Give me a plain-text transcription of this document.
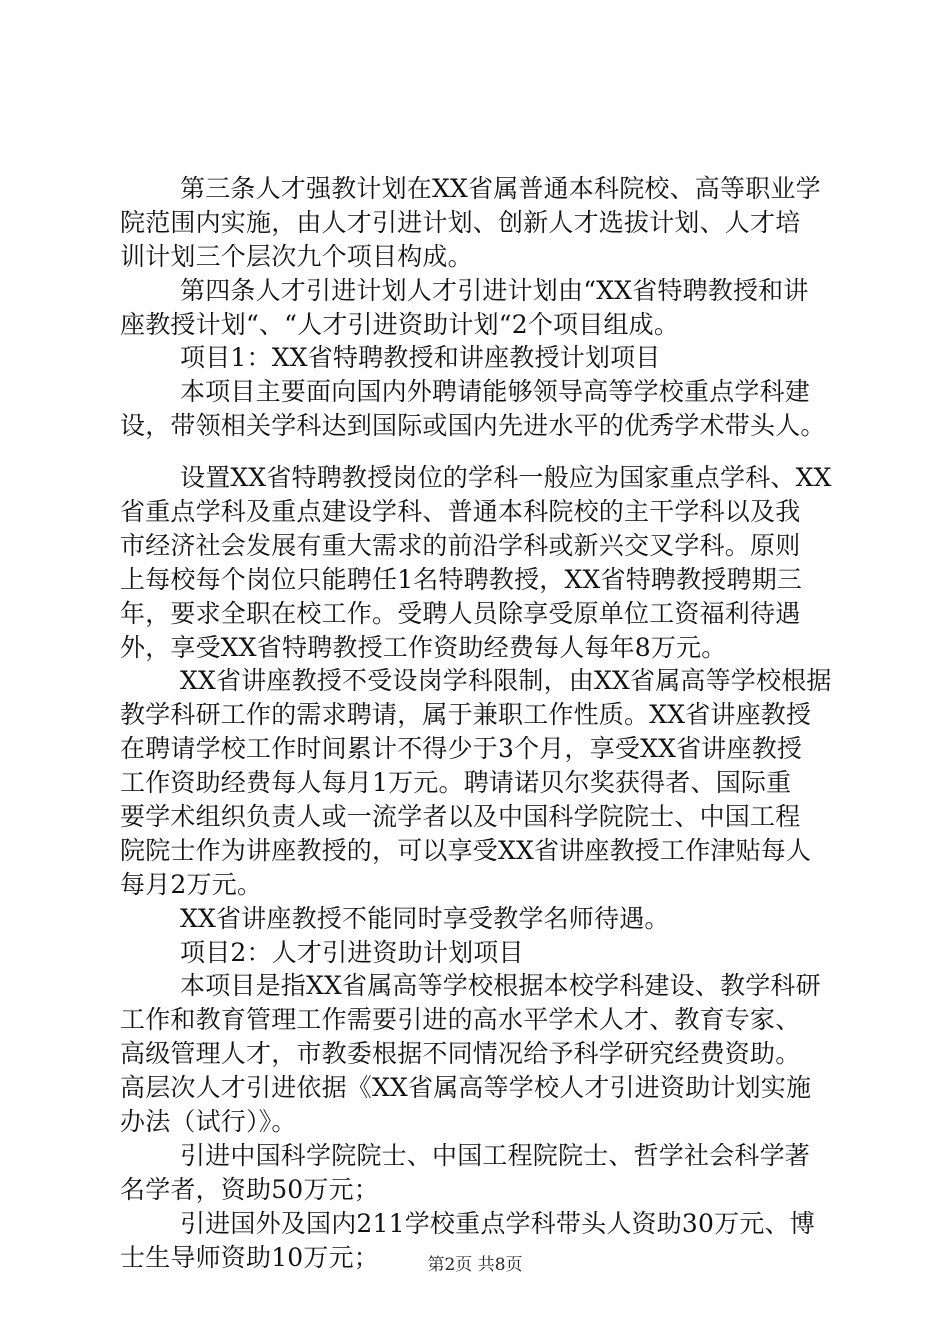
第三条人才强教计划在XX省属普通本科院校、高等职业学
院范围内实施，由人才引进计划、创新人才选拔计划、人才培
训计划三个层次九个项目构成。
第四条人才引进计划人才引进计划由“XX省特聘教授和讲
座教授计划“、“人才引进资助计划“2个项目组成。
项目1：XX省特聘教授和讲座教授计划项目
本项目主要面向国内外聘请能够领导高等学校重点学科建
设，带领相关学科达到国际或国内先进水平的优秀学术带头人。
设置XX省特聘教授岗位的学科一般应为国家重点学科、XX
省重点学科及重点建设学科、普通本科院校的主干学科以及我
市经济社会发展有重大需求的前沿学科或新兴交叉学科。原则
上每校每个岗位只能聘任1名特聘教授，XX省特聘教授聘期三
年，要求全职在校工作。受聘人员除享受原单位工资福利待遇
外，享受XX省特聘教授工作资助经费每人每年8万元。
XX省讲座教授不受设岗学科限制，由XX省属高等学校根据
教学科研工作的需求聘请，属于兼职工作性质。XX省讲座教授
在聘请学校工作时间累计不得少于3个月，享受XX省讲座教授
工作资助经费每人每月1万元。聘请诺贝尔奖获得者、国际重
要学术组织负责人或一流学者以及中国科学院院士、中国工程
院院士作为讲座教授的，可以享受XX省讲座教授工作津贴每人
每月2万元。
XX省讲座教授不能同时享受教学名师待遇。
项目2：人才引进资助计划项目
本项目是指XX省属高等学校根据本校学科建设、教学科研
工作和教育管理工作需要引进的高水平学术人才、教育专家、
高级管理人才，市教委根据不同情况给予科学研究经费资助。
高层次人才引进依据《XX省属高等学校人才引进资助计划实施
办法（试行）》。
引进中国科学院院士、中国工程院院士、哲学社会科学著
名学者，资助50万元；
引进国外及国内211学校重点学科带头人资助30万元、博
士生导师资助10万元；	第2页 共8页
